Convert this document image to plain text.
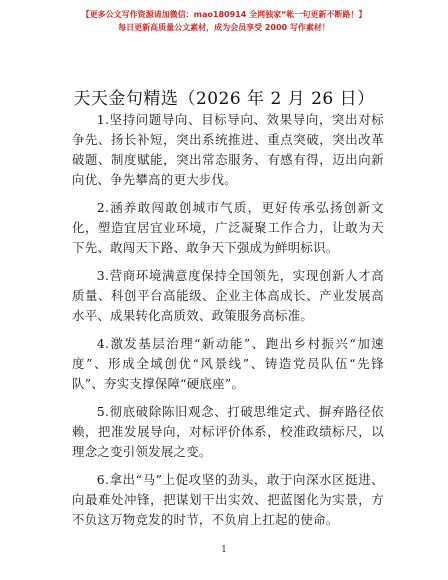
【更多公文写作资源请加微信：mao180914 全网独家“帐一句更新不断路！】
每日更新高质量公文素材，成为会员享受 2000 写作素材！
天天金句精选（2026 年 2 月 26 日）

1.坚持问题导向、目标导向、效果导向，突出对标争先、扬长补短，突出系统推进、重点突破，突出改革破题、制度赋能，突出常态服务、有感有得，迈出向新向优、争先攀高的更大步伐。

2.涵养敢闯敢创城市气质，更好传承弘扬创新文化，塑造宜居宜业环境，广泛凝聚工作合力，让敢为天下先、敢闯天下路、敢争天下强成为鲜明标识。

3.营商环境满意度保持全国领先，实现创新人才高质量、科创平台高能级、企业主体高成长、产业发展高水平、成果转化高质效、政策服务高标准。

4.激发基层治理“新动能”、跑出乡村振兴“加速度”、形成全域创优“风景线”、铸造党员队伍“先锋队”、夯实支撑保障“硬底座”。

5.彻底破除陈旧观念、打破思维定式、摒弃路径依赖，把准发展导向，对标评价体系，校准政绩标尺，以理念之变引领发展之变。

6.拿出“马”上促攻坚的劲头，敢于向深水区挺进、向最难处冲锋，把谋划干出实效、把蓝图化为实景，方不负这万物竞发的时节，不负肩上扛起的使命。

1
